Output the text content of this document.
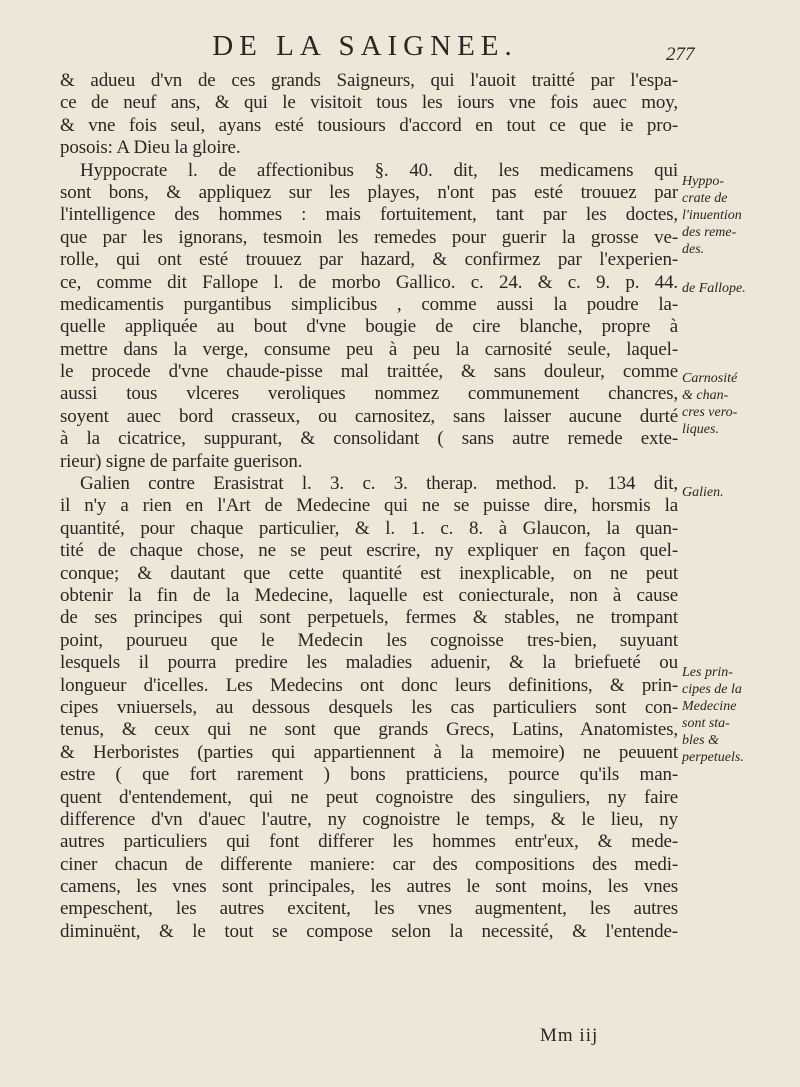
DE LA SAIGNEE.	277
& adueu d'vn de ces grands Saigneurs, qui l'auoit traitté par l'espa-
ce de neuf ans, & qui le visitoit tous les iours vne fois auec moy,
& vne fois seul, ayans esté tousiours d'accord en tout ce que ie pro-
posois: A Dieu la gloire.
Hyppocrate l. de affectionibus §. 40. dit, les medicamens qui
sont bons, & appliquez sur les playes, n'ont pas esté trouuez par
l'intelligence des hommes : mais fortuitement, tant par les doctes,
que par les ignorans, tesmoin les remedes pour guerir la grosse ve-
rolle, qui ont esté trouuez par hazard, & confirmez par l'experien-
ce, comme dit Fallope l. de morbo Gallico. c. 24. & c. 9. p. 44.
medicamentis purgantibus simplicibus , comme aussi la poudre la-
quelle appliquée au bout d'vne bougie de cire blanche, propre à
mettre dans la verge, consume peu à peu la carnosité seule, laquel-
le procede d'vne chaude-pisse mal traittée, & sans douleur, comme
aussi tous vlceres veroliques nommez communement chancres,
soyent auec bord crasseux, ou carnositez, sans laisser aucune durté
à la cicatrice, suppurant, & consolidant ( sans autre remede exte-
rieur) signe de parfaite guerison.
Galien contre Erasistrat l. 3. c. 3. therap. method. p. 134 dit,
il n'y a rien en l'Art de Medecine qui ne se puisse dire, horsmis la
quantité, pour chaque particulier, & l. 1. c. 8. à Glaucon, la quan-
tité de chaque chose, ne se peut escrire, ny expliquer en façon quel-
conque; & dautant que cette quantité est inexplicable, on ne peut
obtenir la fin de la Medecine, laquelle est coniecturale, non à cause
de ses principes qui sont perpetuels, fermes & stables, ne trompant
point, pourueu que le Medecin les cognoisse tres-bien, suyuant
lesquels il pourra predire les maladies aduenir, & la briefueté ou
longueur d'icelles. Les Medecins ont donc leurs definitions, & prin-
cipes vniuersels, au dessous desquels les cas particuliers sont con-
tenus, & ceux qui ne sont que grands Grecs, Latins, Anatomistes,
& Herboristes (parties qui appartiennent à la memoire) ne peuuent
estre ( que fort rarement ) bons pratticiens, pource qu'ils man-
quent d'entendement, qui ne peut cognoistre des singuliers, ny faire
difference d'vn d'auec l'autre, ny cognoistre le temps, & le lieu, ny
autres particuliers qui font differer les hommes entr'eux, & mede-
ciner chacun de differente maniere: car des compositions des medi-
camens, les vnes sont principales, les autres le sont moins, les vnes
empeschent, les autres excitent, les vnes augmentent, les autres
diminuënt, & le tout se compose selon la necessité, & l'entende-
Hyppo-
crate de
l'inuention
des reme-
des.
de Fallope.
Carnosité
& chan-
cres vero-
liques.
Galien.
Les prin-
cipes de la
Medecine
sont sta-
bles &
perpetuels.
Mm iij
